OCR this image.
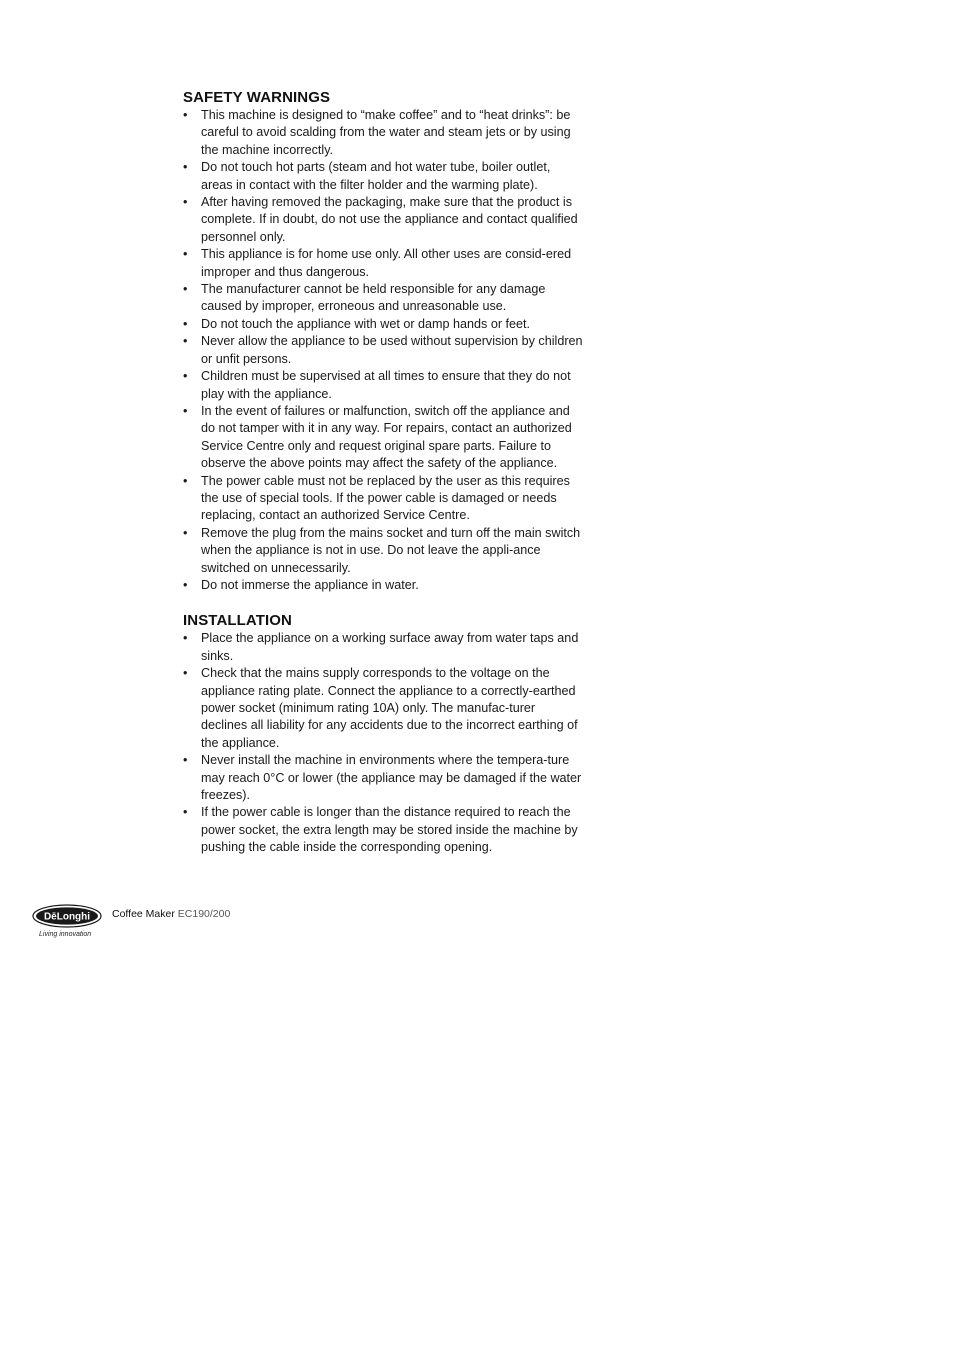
SAFETY WARNINGS
• This machine is designed to “make coffee” and to “heat drinks”: be careful to avoid scalding from the water and steam jets or by using the machine incorrectly.
• Do not touch hot parts (steam and hot water tube, boiler outlet, areas in contact with the filter holder and the warming plate).
• After having removed the packaging, make sure that the product is complete. If in doubt, do not use the appliance and contact qualified personnel only.
• This appliance is for home use only. All other uses are consid-ered improper and thus dangerous.
• The manufacturer cannot be held responsible for any damage caused by improper, erroneous and unreasonable use.
• Do not touch the appliance with wet or damp hands or feet.
• Never allow the appliance to be used without supervision by children or unfit persons.
• Children must be supervised at all times to ensure that they do not play with the appliance.
• In the event of failures or malfunction, switch off the appliance and do not tamper with it in any way. For repairs, contact an authorized Service Centre only and request original spare parts. Failure to observe the above points may affect the safety of the appliance.
• The power cable must not be replaced by the user as this requires the use of special tools. If the power cable is damaged or needs replacing, contact an authorized Service Centre.
• Remove the plug from the mains socket and turn off the main switch when the appliance is not in use. Do not leave the appli-ance switched on unnecessarily.
• Do not immerse the appliance in water.
INSTALLATION
• Place the appliance on a working surface away from water taps and sinks.
• Check that the mains supply corresponds to the voltage on the appliance rating plate. Connect the appliance to a correctly-earthed power socket (minimum rating 10A) only. The manufac-turer declines all liability for any accidents due to the incorrect earthing of the appliance.
• Never install the machine in environments where the tempera-ture may reach 0°C or lower (the appliance may be damaged if the water freezes).
• If the power cable is longer than the distance required to reach the power socket, the extra length may be stored inside the machine by pushing the cable inside the corresponding opening.
DēLonghi
Living innovation
Coffee Maker EC190/200
